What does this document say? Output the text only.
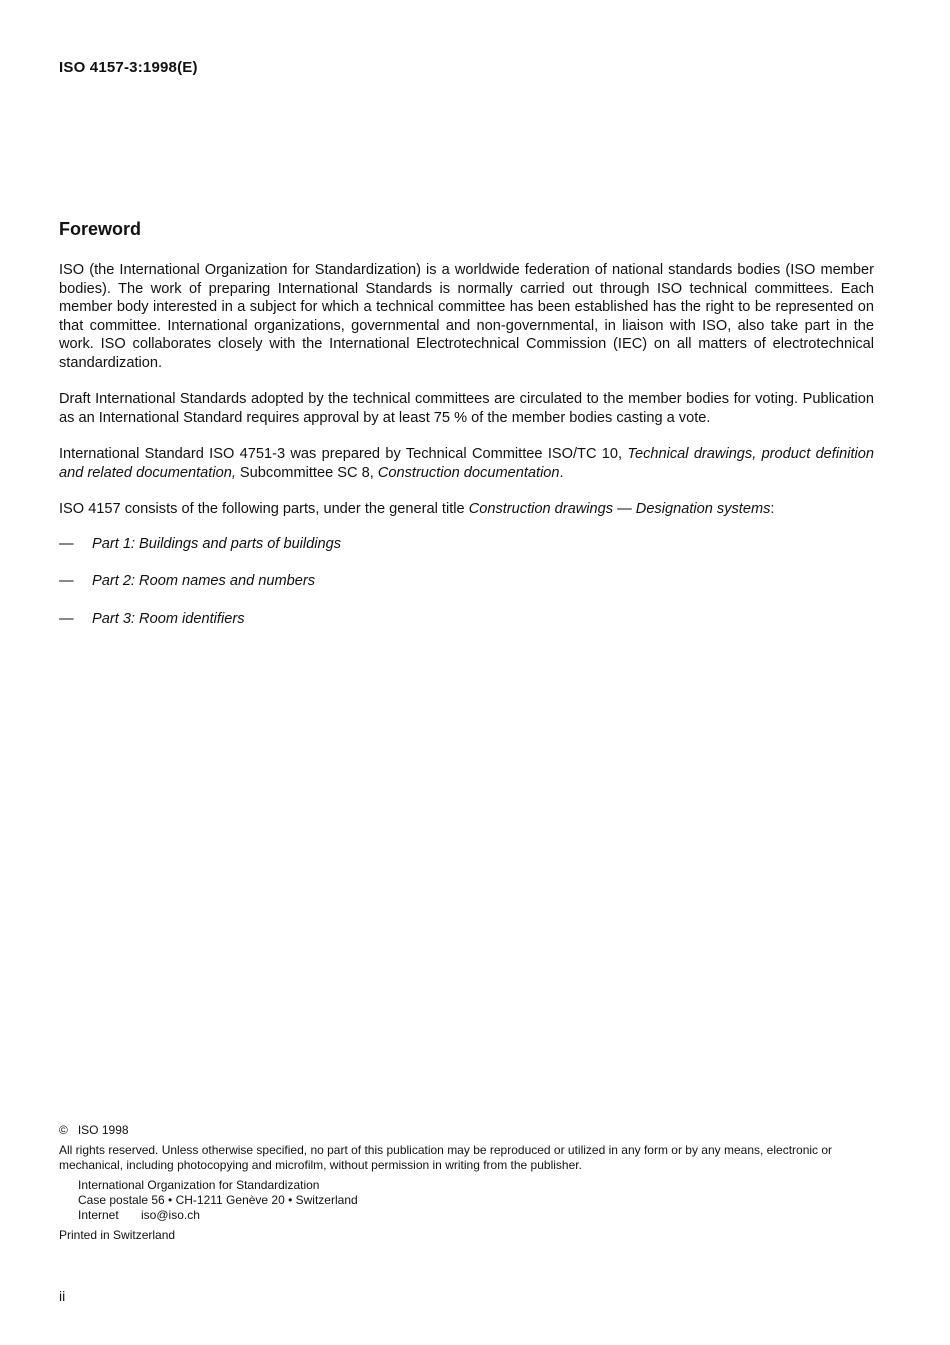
ISO 4157-3:1998(E)
Foreword

ISO (the International Organization for Standardization) is a worldwide federation of national standards bodies (ISO member bodies). The work of preparing International Standards is normally carried out through ISO technical committees. Each member body interested in a subject for which a technical committee has been established has the right to be represented on that committee. International organizations, governmental and non-governmental, in liaison with ISO, also take part in the work. ISO collaborates closely with the International Electrotechnical Commission (IEC) on all matters of electrotechnical standardization.

Draft International Standards adopted by the technical committees are circulated to the member bodies for voting. Publication as an International Standard requires approval by at least 75 % of the member bodies casting a vote.

International Standard ISO 4751-3 was prepared by Technical Committee ISO/TC 10, Technical drawings, product definition and related documentation, Subcommittee SC 8, Construction documentation.

ISO 4157 consists of the following parts, under the general title Construction drawings — Designation systems:

—	Part 1: Buildings and parts of buildings
—	Part 2: Room names and numbers
—	Part 3: Room identifiers
© ISO 1998
All rights reserved. Unless otherwise specified, no part of this publication may be reproduced or utilized in any form or by any means, electronic or mechanical, including photocopying and microfilm, without permission in writing from the publisher.
International Organization for Standardization
Case postale 56 • CH-1211 Genève 20 • Switzerland
Internet iso@iso.ch
Printed in Switzerland
ii
